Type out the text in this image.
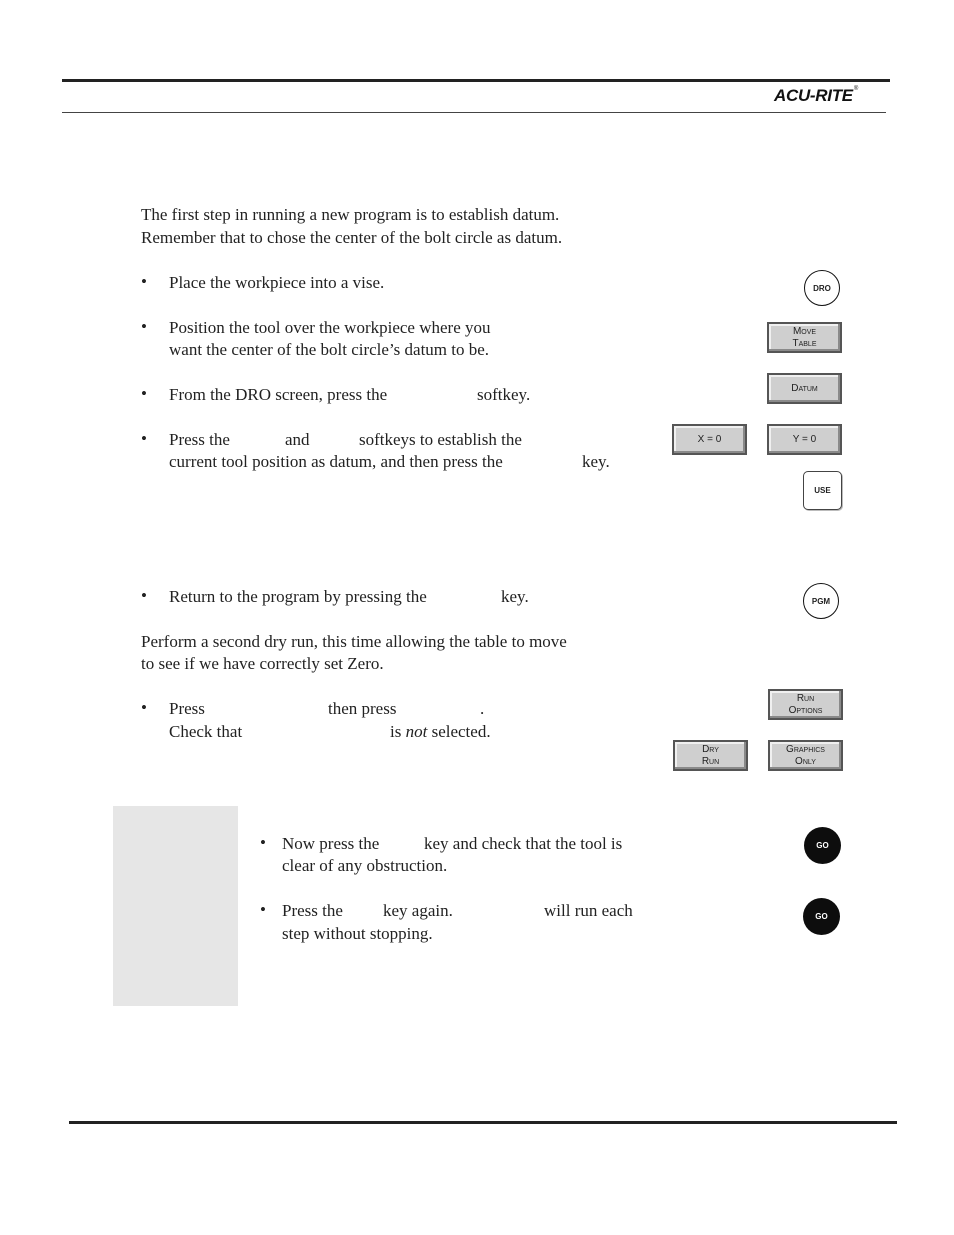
ACU-RITE®
The first step in running a new program is to establish datum.
Remember that to chose the center of the bolt circle as datum.
• Place the workpiece into a vise.
• Position the tool over the workpiece where you
want the center of the bolt circle’s datum to be.
• From the DRO screen, press the	softkey.
• Press the	and	softkeys to establish the
current tool position as datum, and then press the	key.
• Return to the program by pressing the	key.
Perform a second dry run, this time allowing the table to move
to see if we have correctly set Zero.
• Press	then press	.
Check that	is not selected.
• Now press the	key and check that the tool is
clear of any obstruction.
• Press the key again.	will run each
step without stopping.
DRO
Move
Table
Datum
X = 0	Y = 0
USE
PGM
Run
Options
Dry
Run
Graphics
Only
GO
GO
